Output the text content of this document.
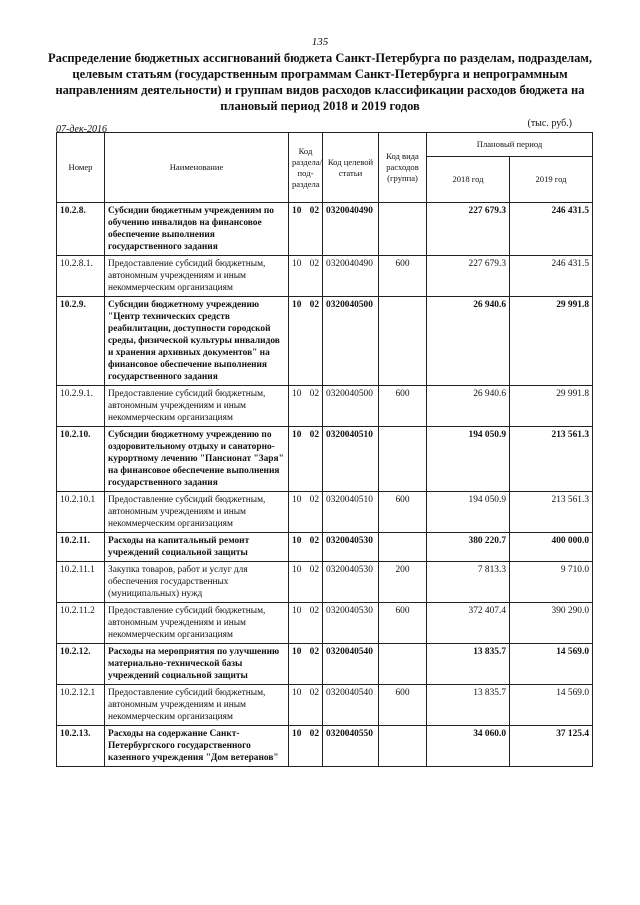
135
Распределение бюджетных ассигнований бюджета Санкт-Петербурга по разделам, подразделам, целевым статьям (государственным программам Санкт-Петербурга и непрограммным направлениям деятельности) и группам видов расходов классификации расходов бюджета на плановый период 2018 и 2019 годов
07-дек-2016
(тыс. руб.)
Номер	Наименование	Код раздела/ под- раздела	Код целевой статьи	Код вида расходов (группа)	Плановый период	
					2018 год	2019 год
10.2.8.	Субсидии бюджетным учреждениям по обучению инвалидов на финансовое обеспечение выполнения государственного задания	10 02	0320040490		227 679.3	246 431.5
10.2.8.1.	Предоставление субсидий бюджетным, автономным учреждениям и иным некоммерческим организациям	10 02	0320040490	600	227 679.3	246 431.5
10.2.9.	Субсидии бюджетному учреждению "Центр технических средств реабилитации, доступности городской среды, физической культуры инвалидов и хранения архивных документов" на финансовое обеспечение выполнения государственного задания	10 02	0320040500		26 940.6	29 991.8
10.2.9.1.	Предоставление субсидий бюджетным, автономным учреждениям и иным некоммерческим организациям	10 02	0320040500	600	26 940.6	29 991.8
10.2.10.	Субсидии бюджетному учреждению по оздоровительному отдыху и санаторно-курортному лечению "Пансионат "Заря" на финансовое обеспечение выполнения государственного задания	10 02	0320040510		194 050.9	213 561.3
10.2.10.1	Предоставление субсидий бюджетным, автономным учреждениям и иным некоммерческим организациям	10 02	0320040510	600	194 050.9	213 561.3
10.2.11.	Расходы на капитальный ремонт учреждений социальной защиты	10 02	0320040530		380 220.7	400 000.0
10.2.11.1	Закупка товаров, работ и услуг для обеспечения государственных (муниципальных) нужд	10 02	0320040530	200	7 813.3	9 710.0
10.2.11.2	Предоставление субсидий бюджетным, автономным учреждениям и иным некоммерческим организациям	10 02	0320040530	600	372 407.4	390 290.0
10.2.12.	Расходы на мероприятия по улучшению материально-технической базы учреждений социальной защиты	10 02	0320040540		13 835.7	14 569.0
10.2.12.1	Предоставление субсидий бюджетным, автономным учреждениям и иным некоммерческим организациям	10 02	0320040540	600	13 835.7	14 569.0
10.2.13.	Расходы на содержание Санкт-Петербургского государственного казенного учреждения "Дом ветеранов"	10 02	0320040550		34 060.0	37 125.4
